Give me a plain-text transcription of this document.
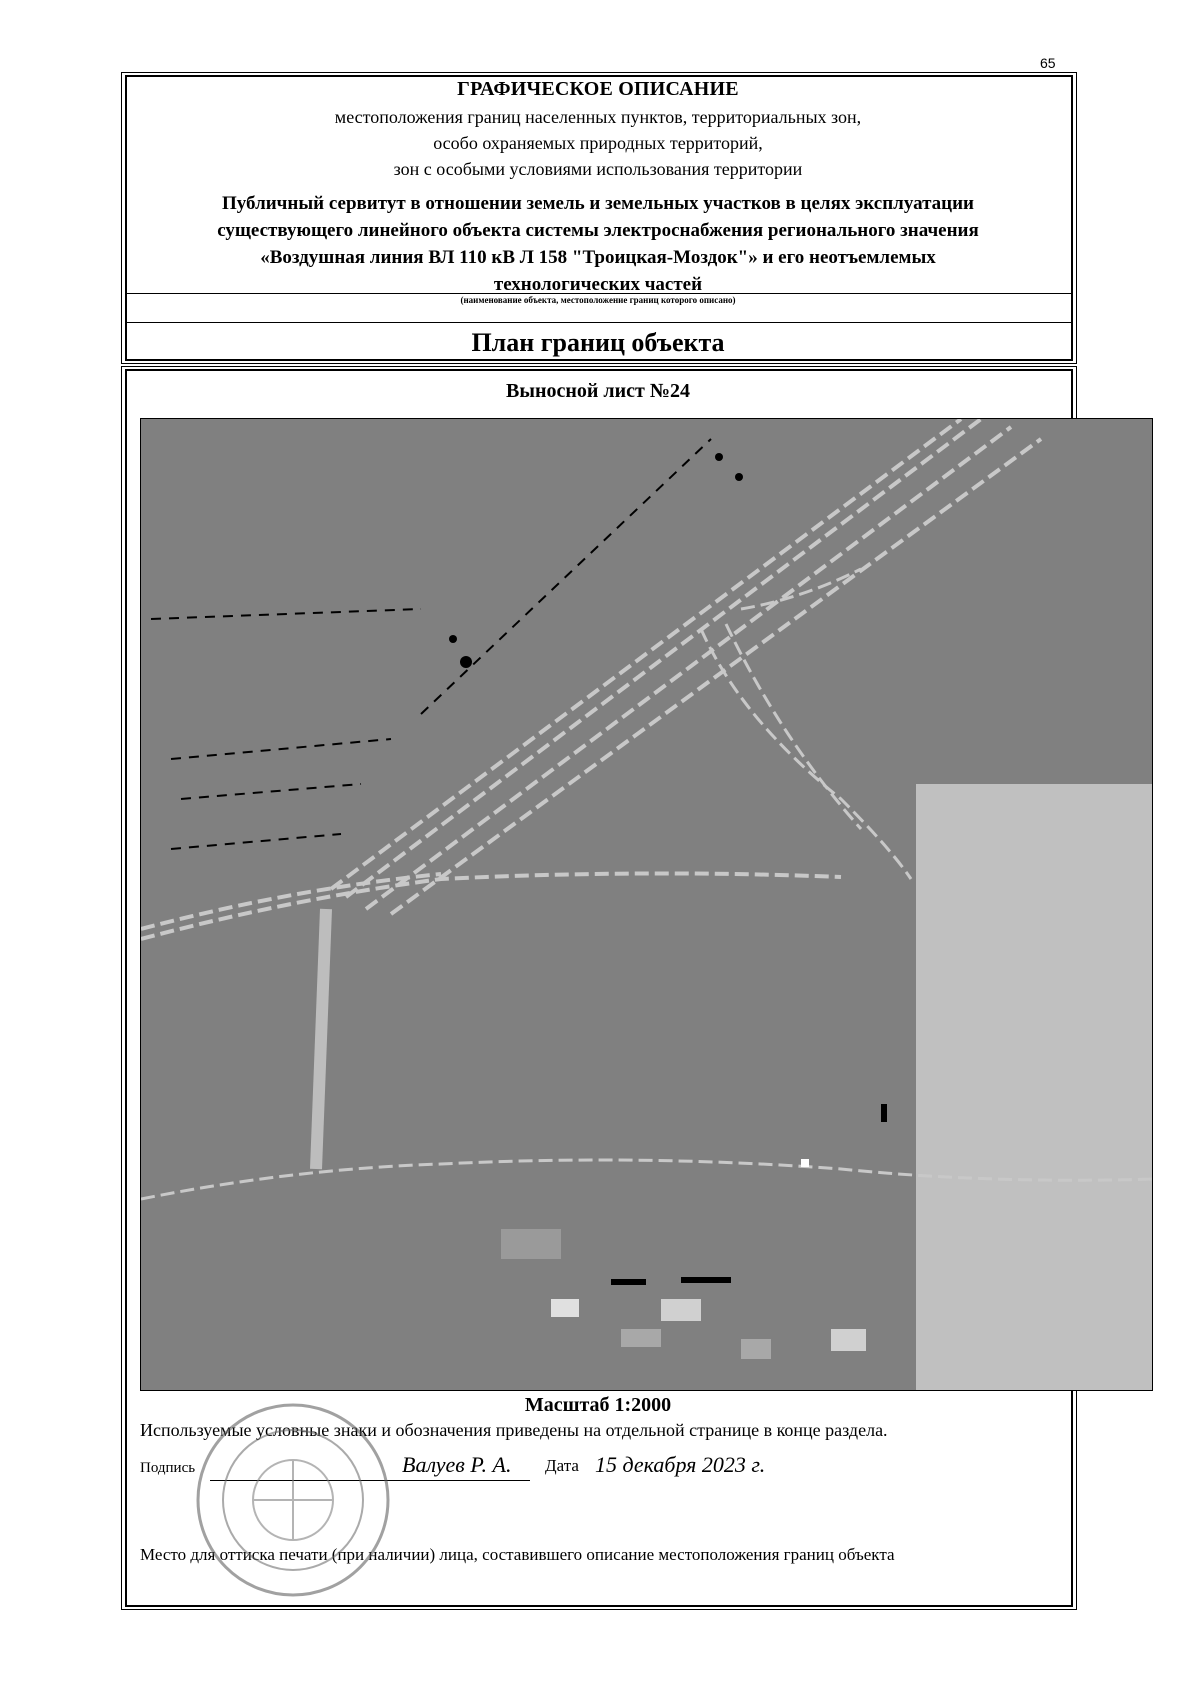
65
ГРАФИЧЕСКОЕ ОПИСАНИЕ
местоположения границ населенных пунктов, территориальных зон,
особо охраняемых природных территорий,
зон с особыми условиями использования территории
Публичный сервитут в отношении земель и земельных участков в целях эксплуатации
существующего линейного объекта системы электроснабжения регионального значения
«Воздушная линия ВЛ 110 кВ Л 158 "Троицкая-Моздок"» и его неотъемлемых
технологических частей
(наименование объекта, местоположение границ которого описано)
План границ объекта
Выносной лист №24
Масштаб 1:2000
Используемые условные знаки и обозначения приведены на отдельной странице в конце раздела.
Подпись	Валуев Р. А. Дата 15 декабря 2023 г.
Место для оттиска печати (при наличии) лица, составившего описание местоположения границ объекта
